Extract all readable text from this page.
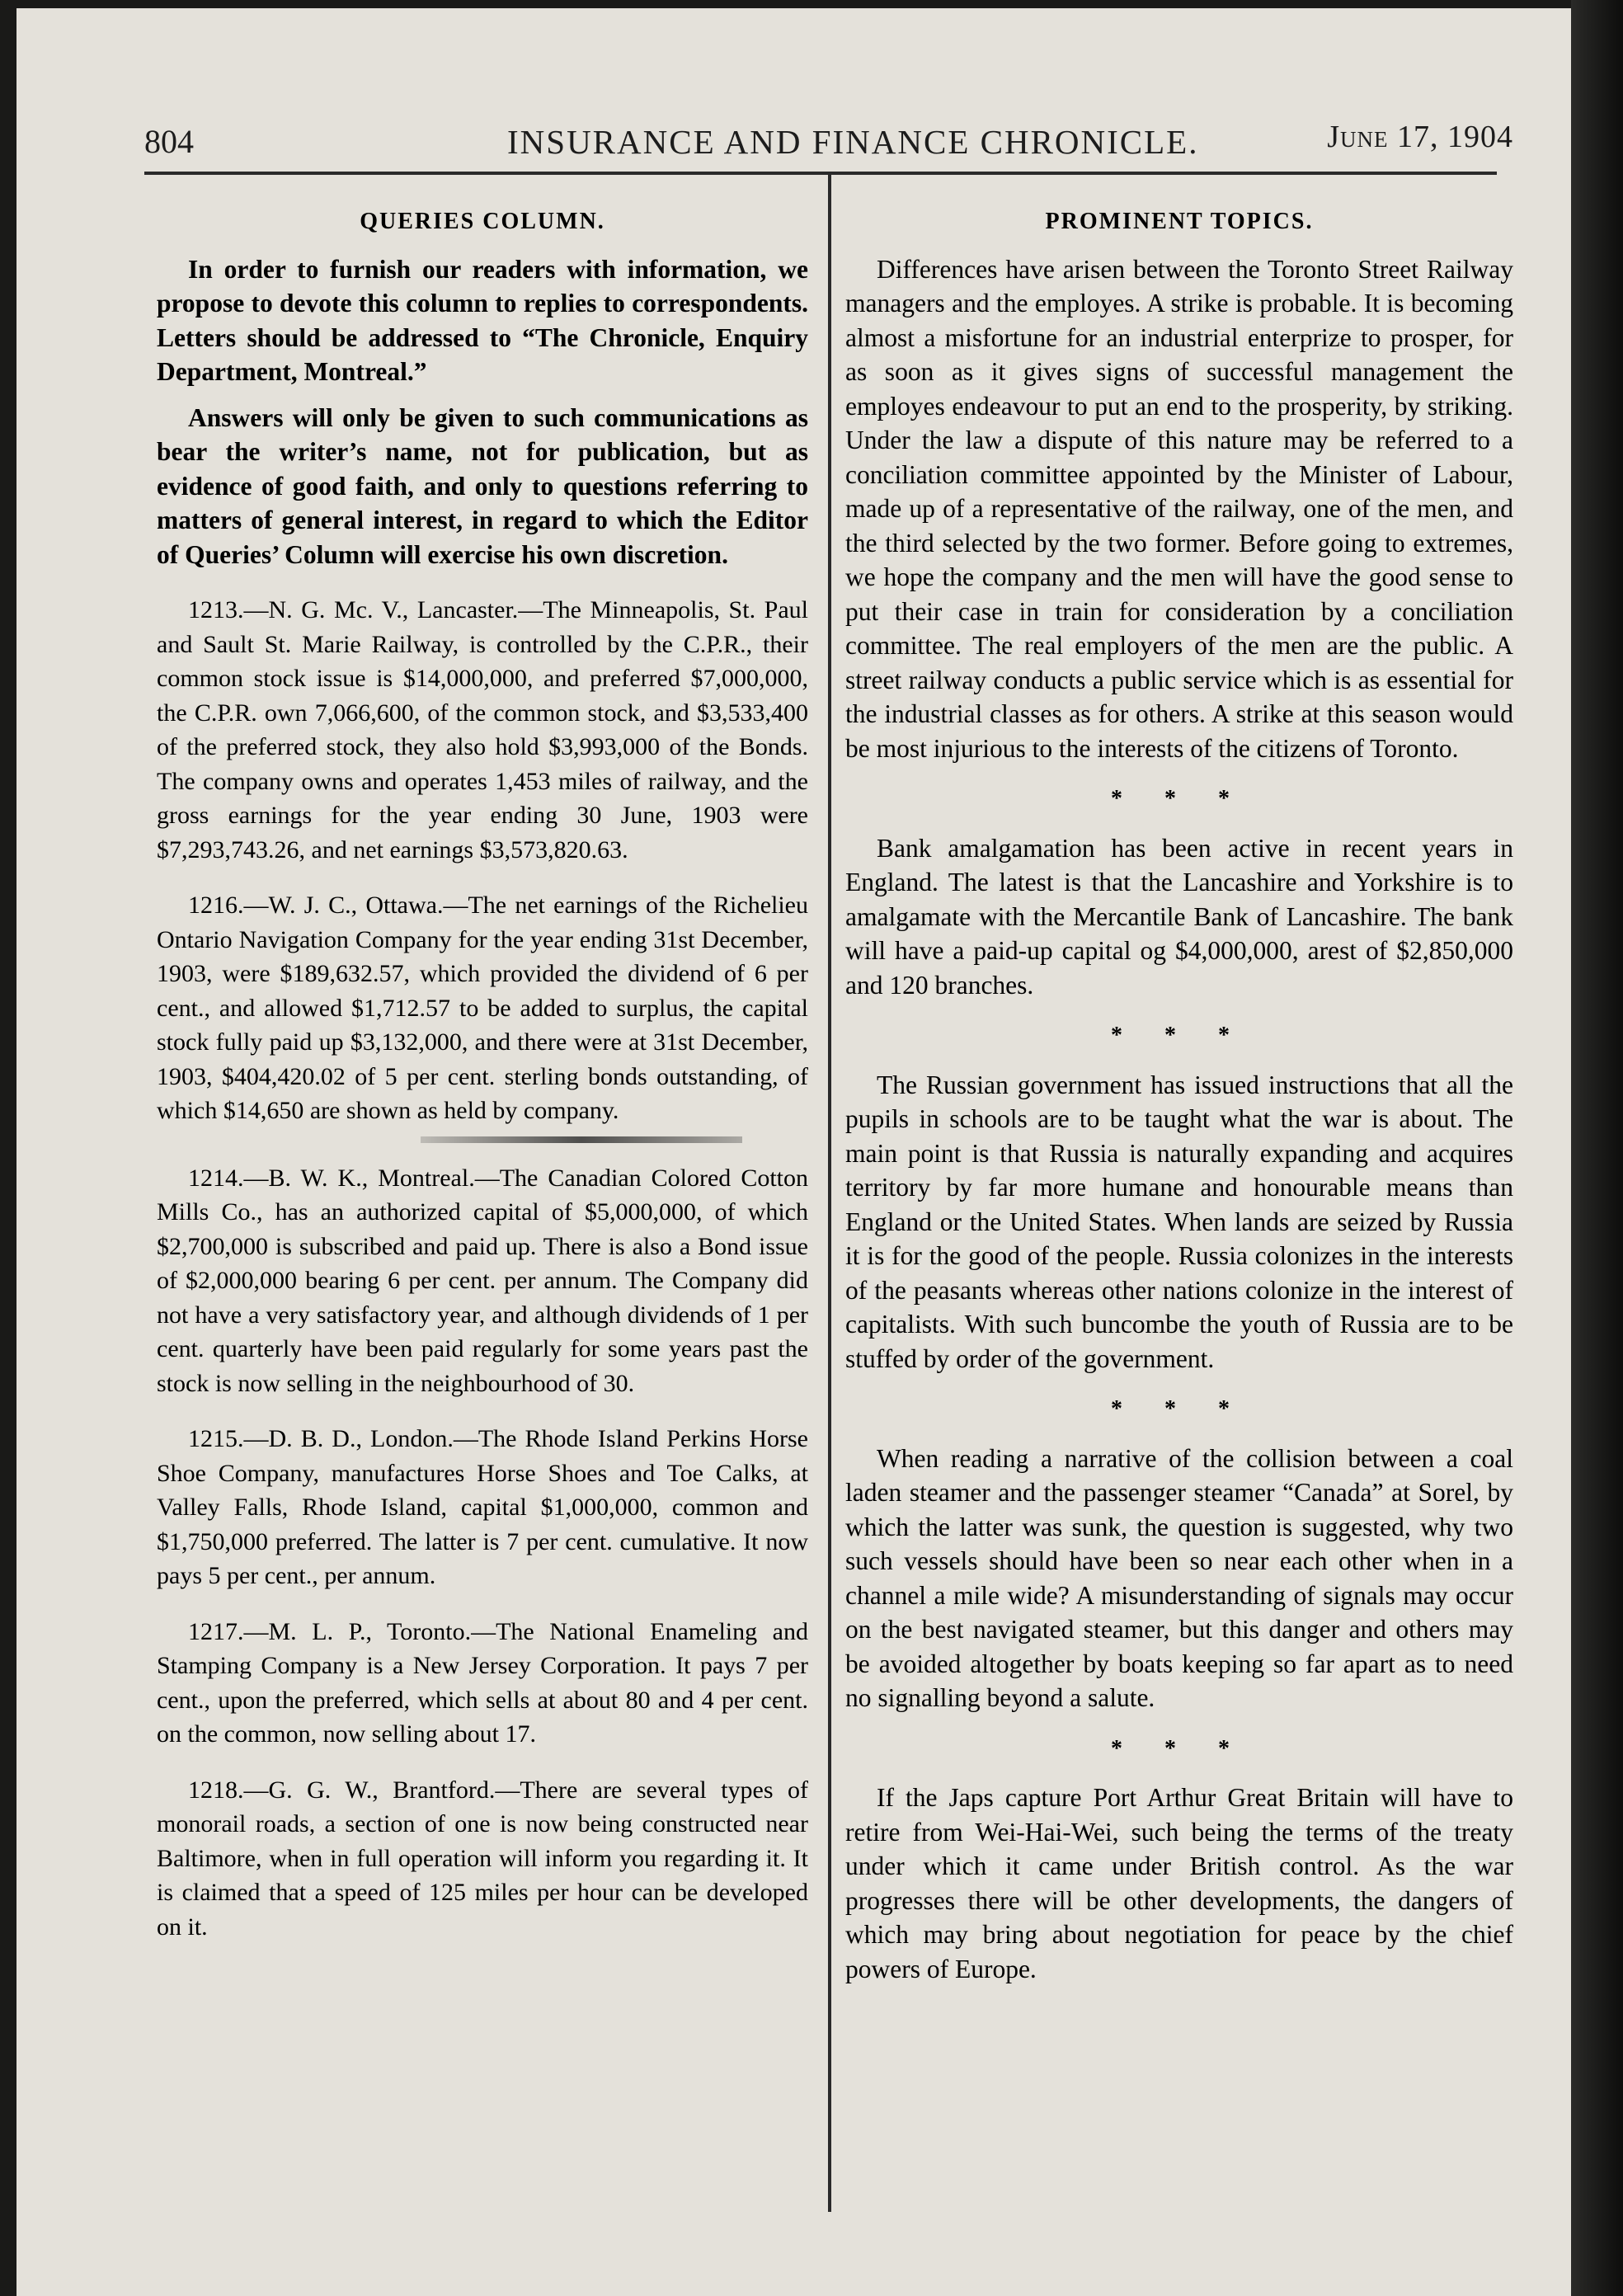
804	INSURANCE AND FINANCE CHRONICLE.	June 17, 1904
QUERIES COLUMN.

In order to furnish our readers with information, we propose to devote this column to replies to correspondents. Letters should be addressed to “The Chronicle, Enquiry Department, Montreal.”

Answers will only be given to such communications as bear the writer’s name, not for publication, but as evidence of good faith, and only to questions referring to matters of general interest, in regard to which the Editor of Queries’ Column will exercise his own discretion.

1213.—N. G. Mc. V., Lancaster.—The Minneapolis, St. Paul and Sault St. Marie Railway, is controlled by the C.P.R., their common stock issue is $14,000,000, and preferred $7,000,000, the C.P.R. own 7,066,600, of the common stock, and $3,533,400 of the preferred stock, they also hold $3,993,000 of the Bonds. The company owns and operates 1,453 miles of railway, and the gross earnings for the year ending 30 June, 1903 were $7,293,743.26, and net earnings $3,573,820.63.

1216.—W. J. C., Ottawa.—The net earnings of the Richelieu Ontario Navigation Company for the year ending 31st December, 1903, were $189,632.57, which provided the dividend of 6 per cent., and allowed $1,712.57 to be added to surplus, the capital stock fully paid up $3,132,000, and there were at 31st December, 1903, $404,420.02 of 5 per cent. sterling bonds outstanding, of which $14,650 are shown as held by company.

1214.—B. W. K., Montreal.—The Canadian Colored Cotton Mills Co., has an authorized capital of $5,000,000, of which $2,700,000 is subscribed and paid up. There is also a Bond issue of $2,000,000 bearing 6 per cent. per annum. The Company did not have a very satisfactory year, and although dividends of 1 per cent. quarterly have been paid regularly for some years past the stock is now selling in the neighbourhood of 30.

1215.—D. B. D., London.—The Rhode Island Perkins Horse Shoe Company, manufactures Horse Shoes and Toe Calks, at Valley Falls, Rhode Island, capital $1,000,000, common and $1,750,000 preferred. The latter is 7 per cent. cumulative. It now pays 5 per cent., per annum.

1217.—M. L. P., Toronto.—The National Enameling and Stamping Company is a New Jersey Corporation. It pays 7 per cent., upon the preferred, which sells at about 80 and 4 per cent. on the common, now selling about 17.

1218.—G. G. W., Brantford.—There are several types of monorail roads, a section of one is now being constructed near Baltimore, when in full operation will inform you regarding it. It is claimed that a speed of 125 miles per hour can be developed on it.

PROMINENT TOPICS.

Differences have arisen between the Toronto Street Railway managers and the employes. A strike is probable. It is becoming almost a misfortune for an industrial enterprize to prosper, for as soon as it gives signs of successful management the employes endeavour to put an end to the prosperity, by striking. Under the law a dispute of this nature may be referred to a conciliation committee appointed by the Minister of Labour, made up of a representative of the railway, one of the men, and the third selected by the two former. Before going to extremes, we hope the company and the men will have the good sense to put their case in train for consideration by a conciliation committee. The real employers of the men are the public. A street railway conducts a public service which is as essential for the industrial classes as for others. A strike at this season would be most injurious to the interests of the citizens of Toronto.

* * *

Bank amalgamation has been active in recent years in England. The latest is that the Lancashire and Yorkshire is to amalgamate with the Mercantile Bank of Lancashire. The bank will have a paid-up capital og $4,000,000, arest of $2,850,000 and 120 branches.

* * *

The Russian government has issued instructions that all the pupils in schools are to be taught what the war is about. The main point is that Russia is naturally expanding and acquires territory by far more humane and honourable means than England or the United States. When lands are seized by Russia it is for the good of the people. Russia colonizes in the interests of the peasants whereas other nations colonize in the interest of capitalists. With such buncombe the youth of Russia are to be stuffed by order of the government.

* * *

When reading a narrative of the collision between a coal laden steamer and the passenger steamer “Canada” at Sorel, by which the latter was sunk, the question is suggested, why two such vessels should have been so near each other when in a channel a mile wide? A misunderstanding of signals may occur on the best navigated steamer, but this danger and others may be avoided altogether by boats keeping so far apart as to need no signalling beyond a salute.

* * *

If the Japs capture Port Arthur Great Britain will have to retire from Wei-Hai-Wei, such being the terms of the treaty under which it came under British control. As the war progresses there will be other developments, the dangers of which may bring about negotiation for peace by the chief powers of Europe.
